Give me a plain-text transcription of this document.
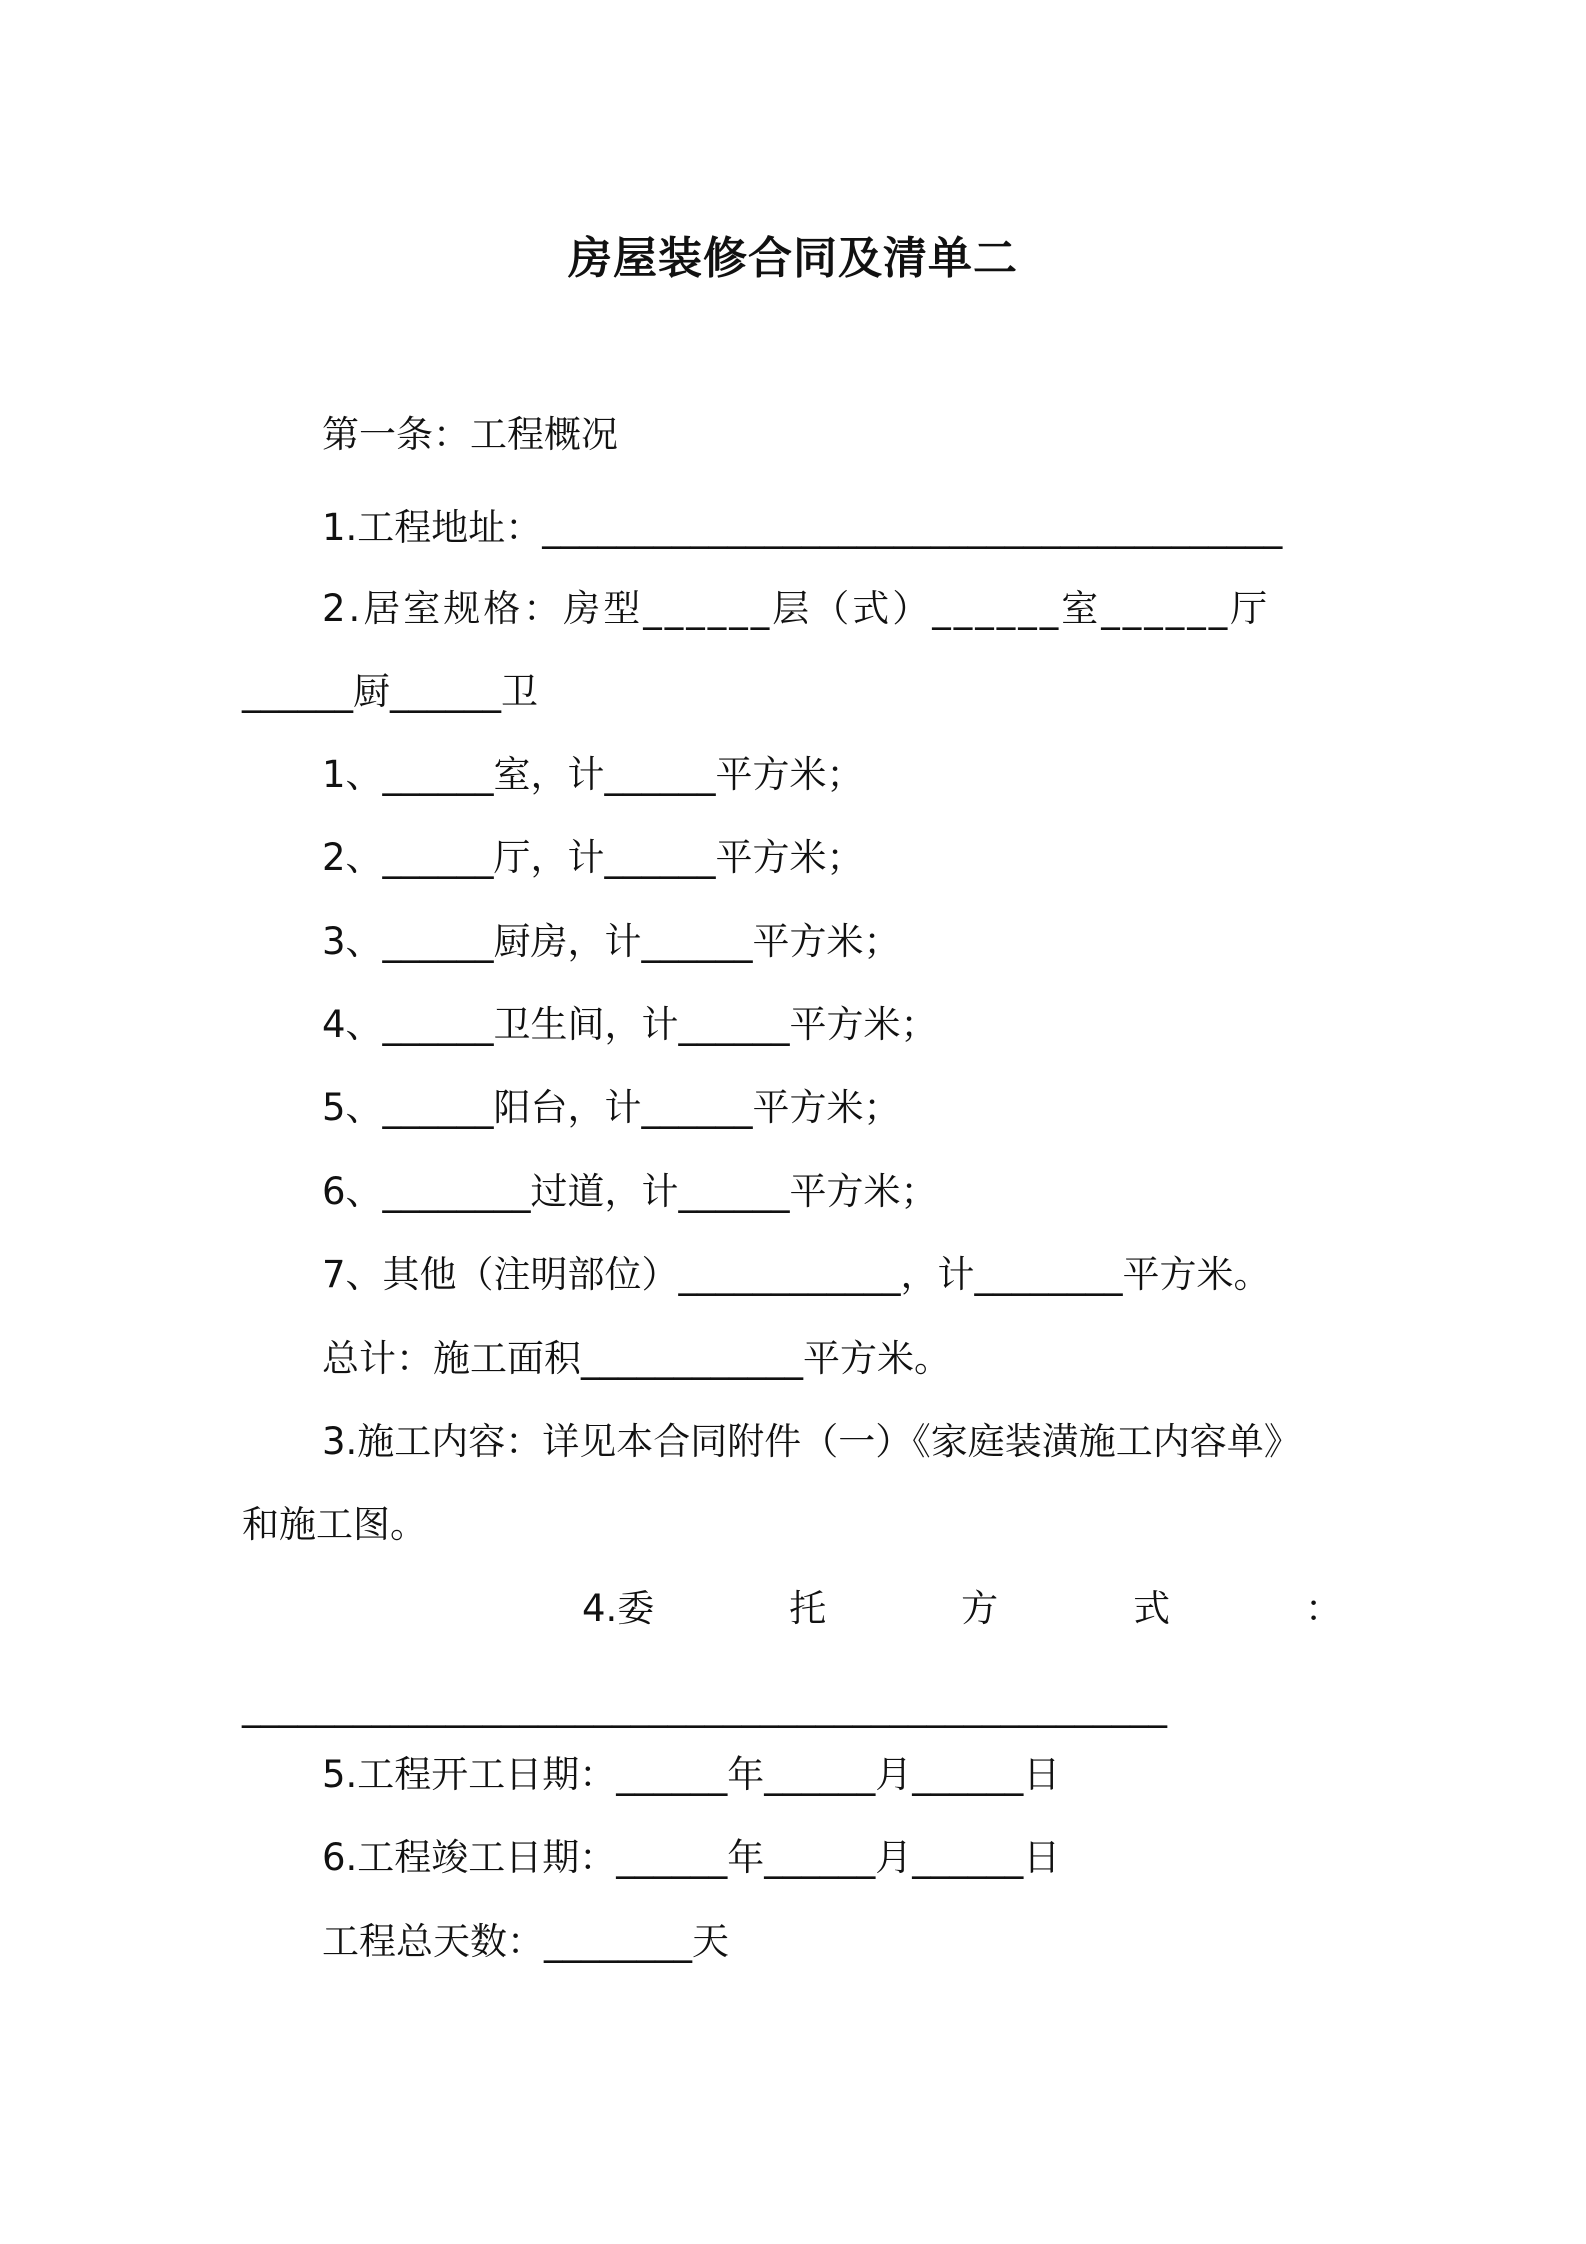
房屋装修合同及清单二
第一条：工程概况
1.工程地址：________________________________________
2.居室规格：房型______层（式）______室______厅
______厨______卫
1、______室，计______平方米；
2、______厅，计______平方米；
3、______厨房，计______平方米；
4、______卫生间，计______平方米；
5、______阳台，计______平方米；
6、________过道，计______平方米；
7、其他（注明部位）____________，计________平方米。
总计：施工面积____________平方米。
3.施工内容：详见本合同附件（一）《家庭装潢施工内容单》
和施工图。
4.委	托	方	式	：
__________________________________________________
5.工程开工日期：______年______月______日
6.工程竣工日期：______年______月______日
工程总天数：________天
